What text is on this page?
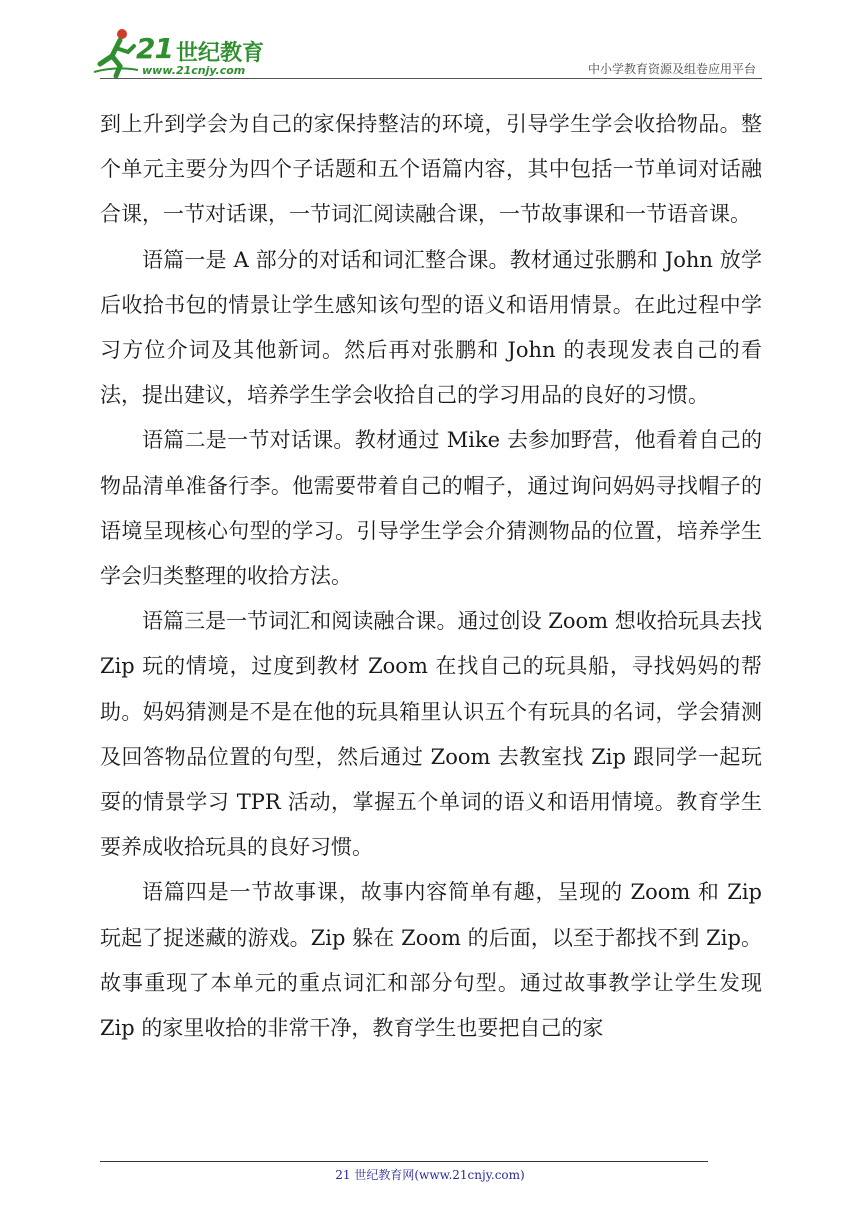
21 世纪教育
www.21cnjy.com	中小学教育资源及组卷应用平台

到上升到学会为自己的家保持整洁的环境，引导学生学会收拾物品。整个单元主要分为四个子话题和五个语篇内容，其中包括一节单词对话融合课，一节对话课，一节词汇阅读融合课，一节故事课和一节语音课。

语篇一是 A 部分的对话和词汇整合课。教材通过张鹏和 John 放学后收拾书包的情景让学生感知该句型的语义和语用情景。在此过程中学习方位介词及其他新词。然后再对张鹏和 John 的表现发表自己的看法，提出建议，培养学生学会收拾自己的学习用品的良好的习惯。

语篇二是一节对话课。教材通过 Mike 去参加野营，他看着自己的物品清单准备行李。他需要带着自己的帽子，通过询问妈妈寻找帽子的语境呈现核心句型的学习。引导学生学会介猜测物品的位置，培养学生学会归类整理的收拾方法。

语篇三是一节词汇和阅读融合课。通过创设 Zoom 想收拾玩具去找 Zip 玩的情境，过度到教材 Zoom 在找自己的玩具船，寻找妈妈的帮助。妈妈猜测是不是在他的玩具箱里认识五个有玩具的名词，学会猜测及回答物品位置的句型，然后通过 Zoom 去教室找 Zip 跟同学一起玩耍的情景学习 TPR 活动，掌握五个单词的语义和语用情境。教育学生要养成收拾玩具的良好习惯。

语篇四是一节故事课，故事内容简单有趣，呈现的 Zoom 和 Zip 玩起了捉迷藏的游戏。Zip 躲在 Zoom 的后面，以至于都找不到 Zip。故事重现了本单元的重点词汇和部分句型。通过故事教学让学生发现 Zip 的家里收拾的非常干净，教育学生也要把自己的家

21 世纪教育网(www.21cnjy.com)
